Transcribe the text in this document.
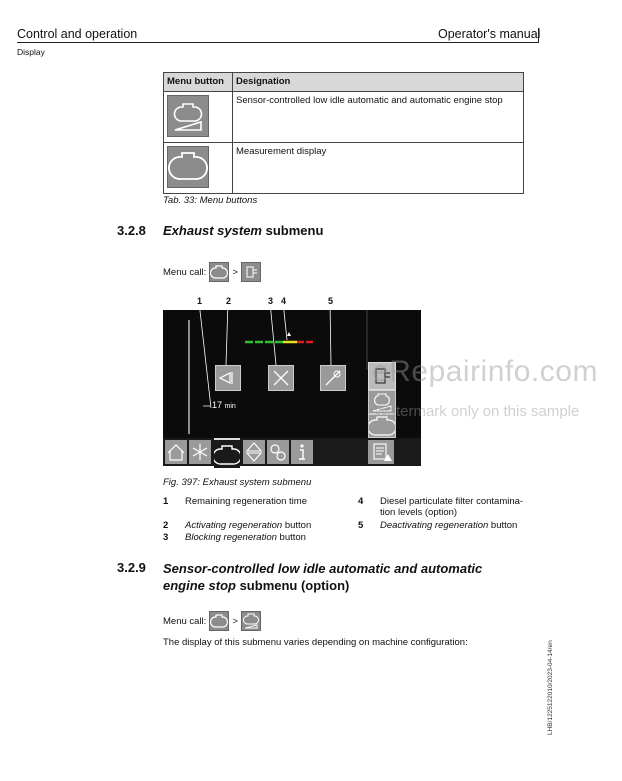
Control and operation	Operator's manual
Display
Menu button	Designation

	Sensor-controlled low idle automatic and automatic engine stop

	Measurement display
Tab. 33: Menu buttons
3.2.8 Exhaust system submenu
Menu call:	>
1	2	3 4	5
17 min
Fig. 397: Exhaust system submenu
1 Remaining regeneration time	4 Diesel particulate filter contamina-tion levels (option)
2 Activating regeneration button	5 Deactivating regeneration button
3 Blocking regeneration button
3.2.9 Sensor-controlled low idle automatic and automatic
engine stop submenu (option)
Menu call:	>
The display of this submenu varies depending on machine configuration:
eRepairinfo.com
Watermark only on this sample
LHB/1225122010/2023-04-14/en
